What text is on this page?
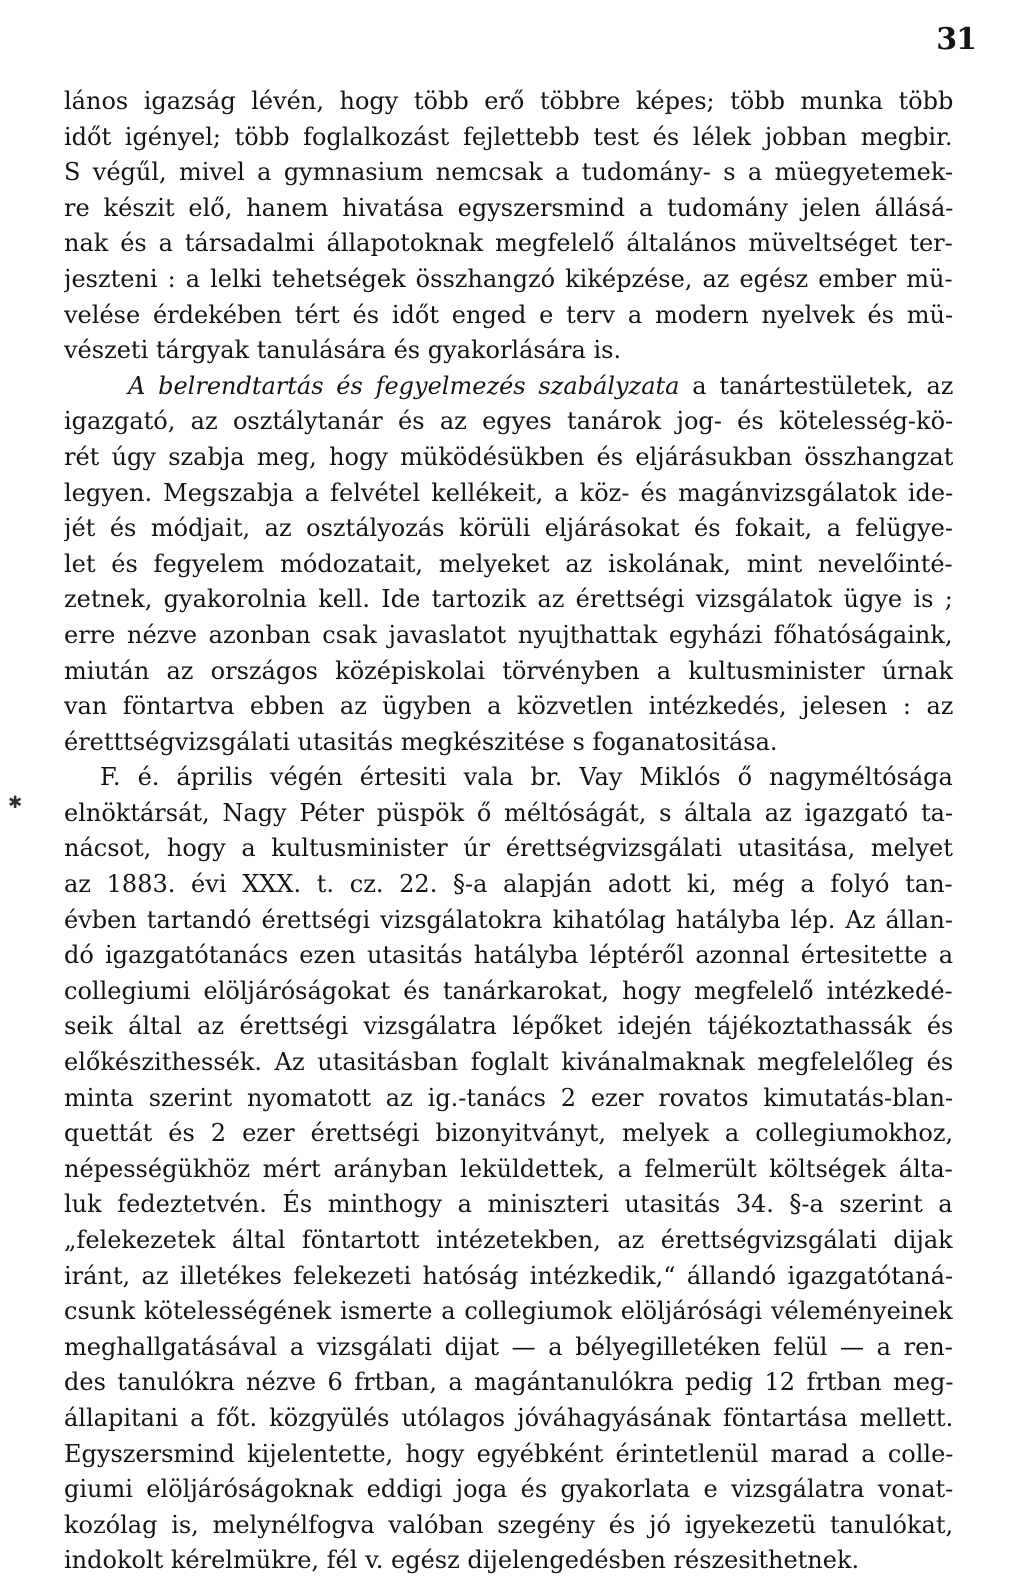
31
✱
lános igazság lévén, hogy több erő többre képes; több munka több
időt igényel; több foglalkozást fejlettebb test és lélek jobban megbir.
S végűl, mivel a gymnasium nemcsak a tudomány- s a müegyetemek-
re készit elő, hanem hivatása egyszersmind a tudomány jelen állásá-
nak és a társadalmi állapotoknak megfelelő általános müveltséget ter-
jeszteni : a lelki tehetségek összhangzó kiképzése, az egész ember mü-
velése érdekében tért és időt enged e terv a modern nyelvek és mü-
vészeti tárgyak tanulására és gyakorlására is.
A belrendtartás és fegyelmezés szabályzata a tanártestületek, az
igazgató, az osztálytanár és az egyes tanárok jog- és kötelesség-kö-
rét úgy szabja meg, hogy müködésükben és eljárásukban összhangzat
legyen. Megszabja a felvétel kellékeit, a köz- és magánvizsgálatok ide-
jét és módjait, az osztályozás körüli eljárásokat és fokait, a felügye-
let és fegyelem módozatait, melyeket az iskolának, mint nevelőinté-
zetnek, gyakorolnia kell. Ide tartozik az érettségi vizsgálatok ügye is ;
erre nézve azonban csak javaslatot nyujthattak egyházi főhatóságaink,
miután az országos középiskolai törvényben a kultusminister úrnak
van föntartva ebben az ügyben a közvetlen intézkedés, jelesen : az
éretttségvizsgálati utasitás megkészitése s foganatositása.
F. é. április végén értesiti vala br. Vay Miklós ő nagyméltósága
elnöktársát, Nagy Péter püspök ő méltóságát, s általa az igazgató ta-
nácsot, hogy a kultusminister úr érettségvizsgálati utasitása, melyet
az 1883. évi XXX. t. cz. 22. §-a alapján adott ki, még a folyó tan-
évben tartandó érettségi vizsgálatokra kihatólag hatályba lép. Az állan-
dó igazgatótanács ezen utasitás hatályba léptéről azonnal értesitette a
collegiumi elöljáróságokat és tanárkarokat, hogy megfelelő intézkedé-
seik által az érettségi vizsgálatra lépőket idején tájékoztathassák és
előkészithessék. Az utasitásban foglalt kivánalmaknak megfelelőleg és
minta szerint nyomatott az ig.-tanács 2 ezer rovatos kimutatás-blan-
quettát és 2 ezer érettségi bizonyitványt, melyek a collegiumokhoz,
népességükhöz mért arányban leküldettek, a felmerült költségek álta-
luk fedeztetvén. És minthogy a miniszteri utasitás 34. §-a szerint a
„felekezetek által föntartott intézetekben, az érettségvizsgálati dijak
iránt, az illetékes felekezeti hatóság intézkedik,“ állandó igazgatótaná-
csunk kötelességének ismerte a collegiumok elöljárósági véleményeinek
meghallgatásával a vizsgálati dijat — a bélyegilletéken felül — a ren-
des tanulókra nézve 6 frtban, a magántanulókra pedig 12 frtban meg-
állapitani a főt. közgyülés utólagos jóváhagyásának föntartása mellett.
Egyszersmind kijelentette, hogy egyébként érintetlenül marad a colle-
giumi elöljáróságoknak eddigi joga és gyakorlata e vizsgálatra vonat-
kozólag is, melynélfogva valóban szegény és jó igyekezetü tanulókat,
indokolt kérelmükre, fél v. egész dijelengedésben részesithetnek.
